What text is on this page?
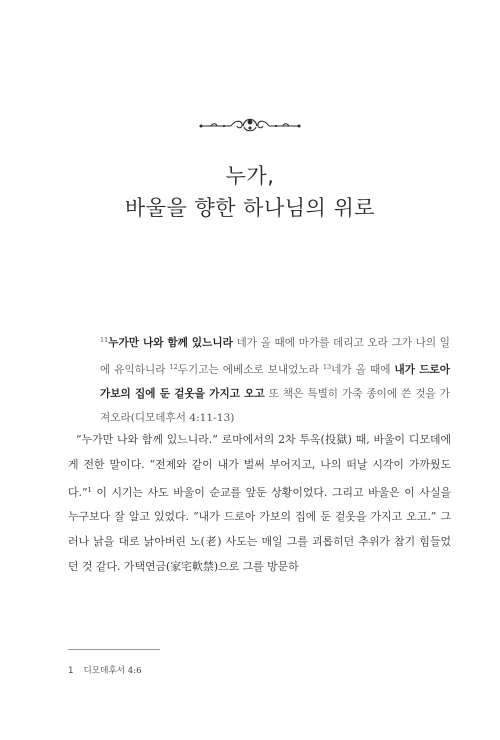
누가,
바울을 향한 하나님의 위로

$^{11}$누가만 나와 함께 있느니라 네가 올 때에 마가를 데리고 오라 그가 나의 일에 유익하니라 $^{12}$두기고는 에베소로 보내었노라 $^{13}$네가 올 때에 내가 드로아 가보의 집에 둔 겉옷을 가지고 오고 또 책은 특별히 가죽 종이에 쓴 것을 가져오라(디모데후서 4:11-13)

“누가만 나와 함께 있느니라.” 로마에서의 2차 투옥(投獄) 때, 바울이 디모데에게 전한 말이다. “전제와 같이 내가 벌써 부어지고, 나의 떠날 시각이 가까웠도다.”$^1$ 이 시기는 사도 바울이 순교를 앞둔 상황이었다. 그리고 바울은 이 사실을 누구보다 잘 알고 있었다. “내가 드로아 가보의 집에 둔 겉옷을 가지고 오고.” 그러나 낡을 대로 낡아버린 노(老) 사도는 매일 그를 괴롭히던 추위가 참기 힘들었던 것 같다. 가택연금(家宅軟禁)으로 그를 방문하

1 디모데후서 4:6
